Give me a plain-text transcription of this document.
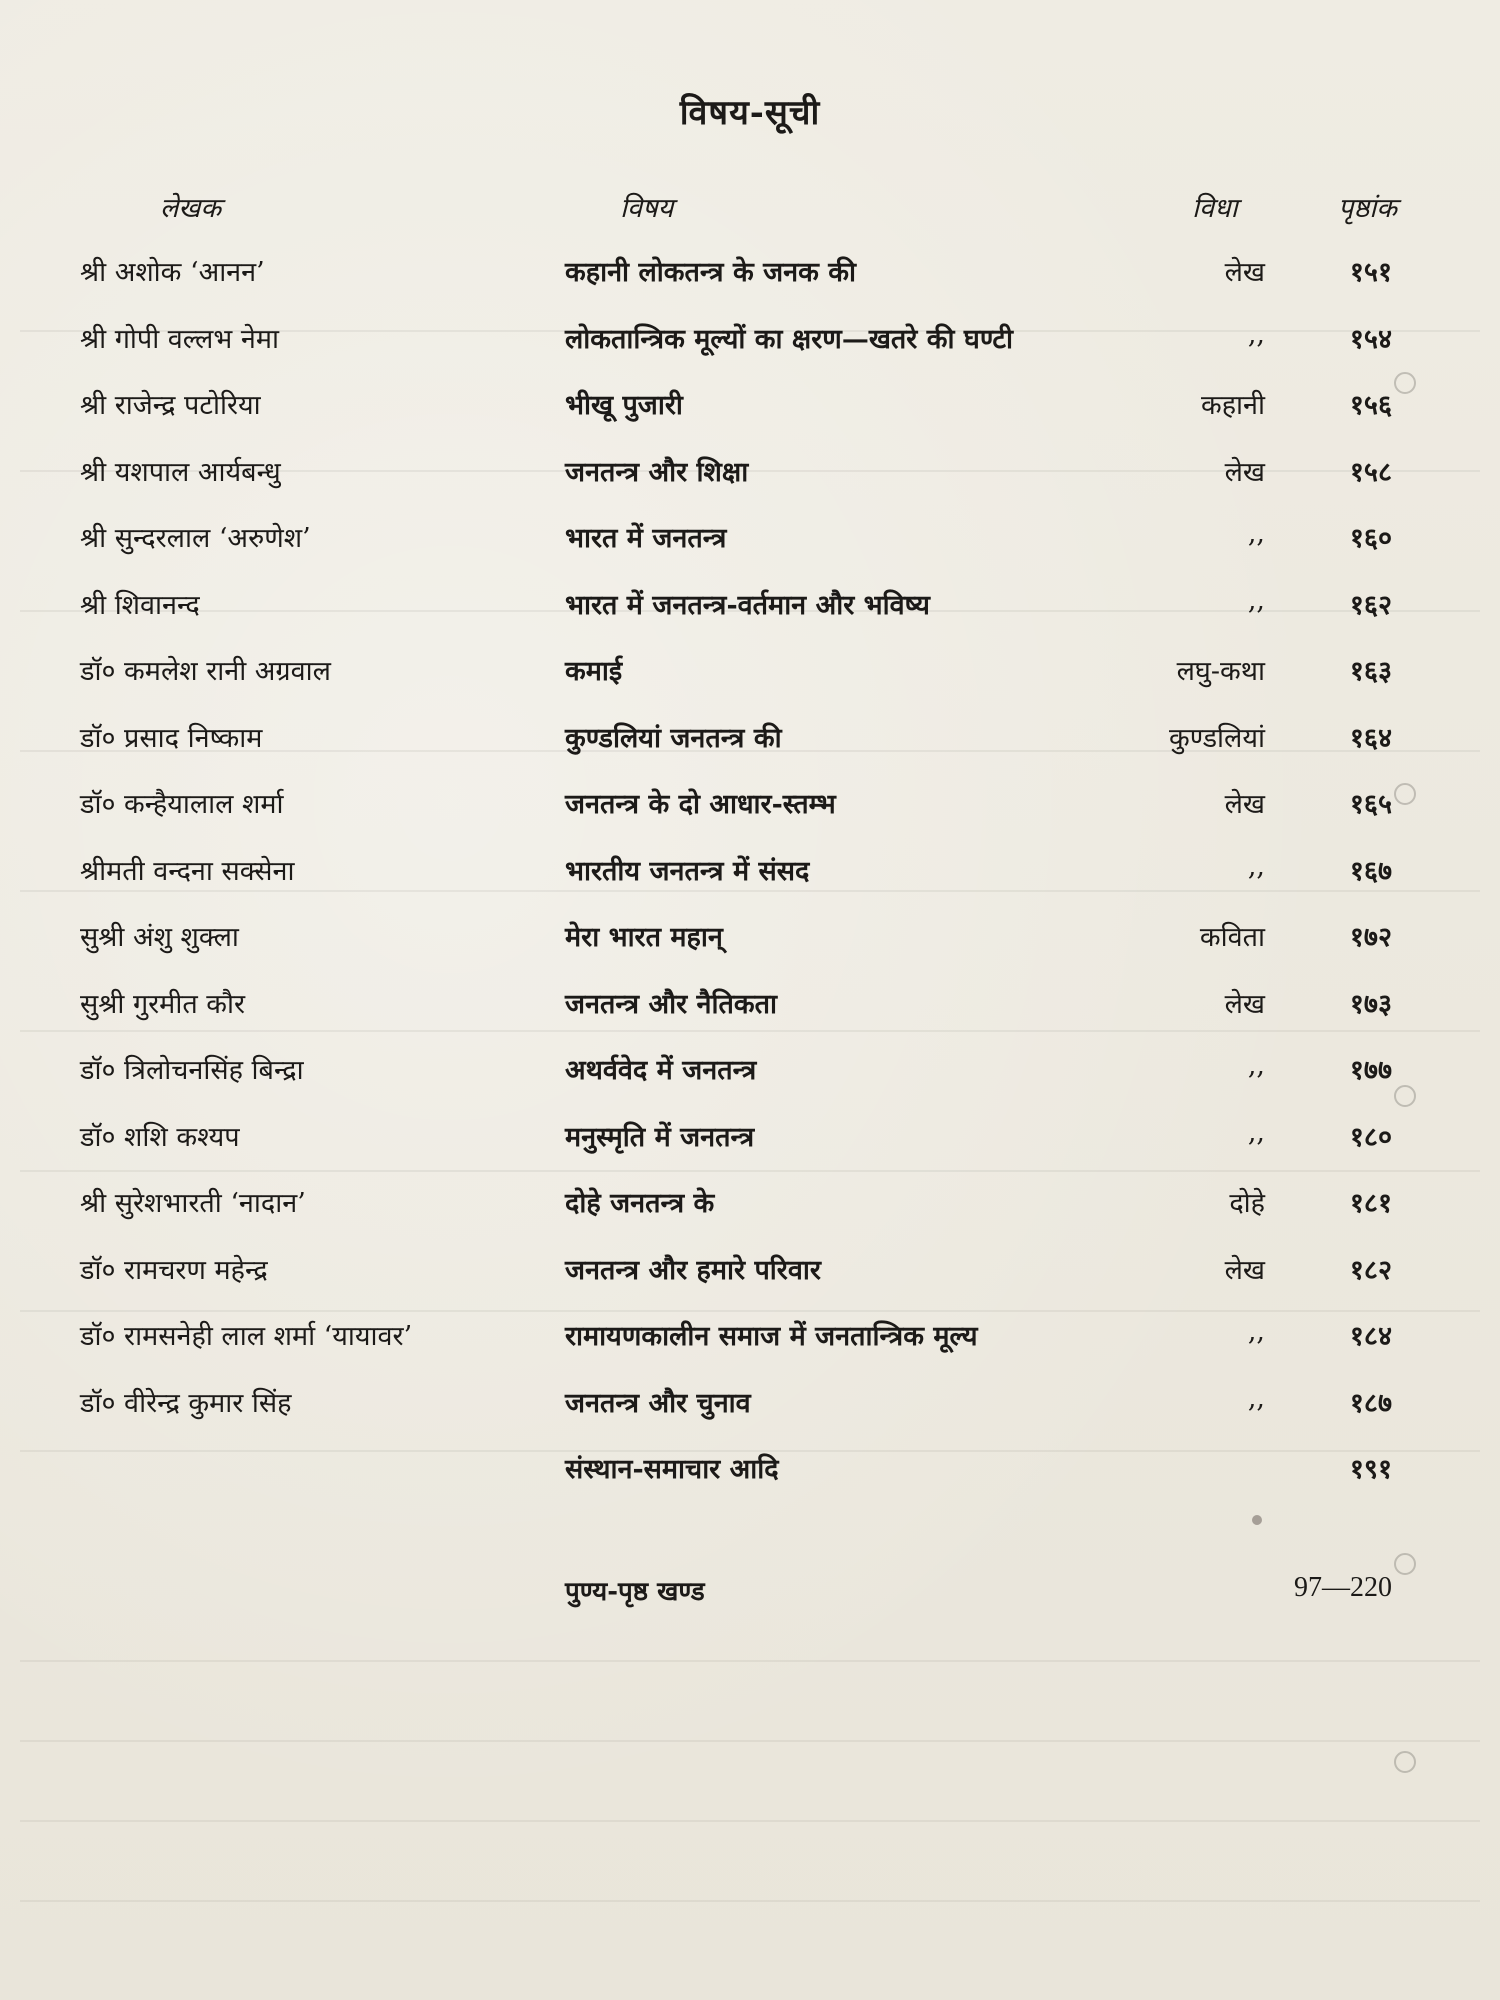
विषय-सूची
लेखक	विषय	विधा	पृष्ठांक
श्री अशोक ‘आनन’	कहानी लोकतन्त्र के जनक की	लेख	१५१
श्री गोपी वल्लभ नेमा	लोकतान्त्रिक मूल्यों का क्षरण—खतरे की घण्टी	,,	१५४
श्री राजेन्द्र पटोरिया	भीखू पुजारी	कहानी	१५६
श्री यशपाल आर्यबन्धु	जनतन्त्र और शिक्षा	लेख	१५८
श्री सुन्दरलाल ‘अरुणेश’	भारत में जनतन्त्र	,,	१६०
श्री शिवानन्द	भारत में जनतन्त्र-वर्तमान और भविष्य	,,	१६२
डॉ० कमलेश रानी अग्रवाल	कमाई	लघु-कथा	१६३
डॉ० प्रसाद निष्काम	कुण्डलियां जनतन्त्र की	कुण्डलियां	१६४
डॉ० कन्हैयालाल शर्मा	जनतन्त्र के दो आधार-स्तम्भ	लेख	१६५
श्रीमती वन्दना सक्सेना	भारतीय जनतन्त्र में संसद	,,	१६७
सुश्री अंशु शुक्ला	मेरा भारत महान्	कविता	१७२
सुश्री गुरमीत कौर	जनतन्त्र और नैतिकता	लेख	१७३
डॉ० त्रिलोचनसिंह बिन्द्रा	अथर्ववेद में जनतन्त्र	,,	१७७
डॉ० शशि कश्यप	मनुस्मृति में जनतन्त्र	,,	१८०
श्री सुरेशभारती ‘नादान’	दोहे जनतन्त्र के	दोहे	१८१
डॉ० रामचरण महेन्द्र	जनतन्त्र और हमारे परिवार	लेख	१८२
डॉ० रामसनेही लाल शर्मा ‘यायावर’	रामायणकालीन समाज में जनतान्त्रिक मूल्य	,,	१८४
डॉ० वीरेन्द्र कुमार सिंह	जनतन्त्र और चुनाव	,,	१८७
संस्थान-समाचार आदि	१९१
पुण्य-पृष्ठ खण्ड	97—220
